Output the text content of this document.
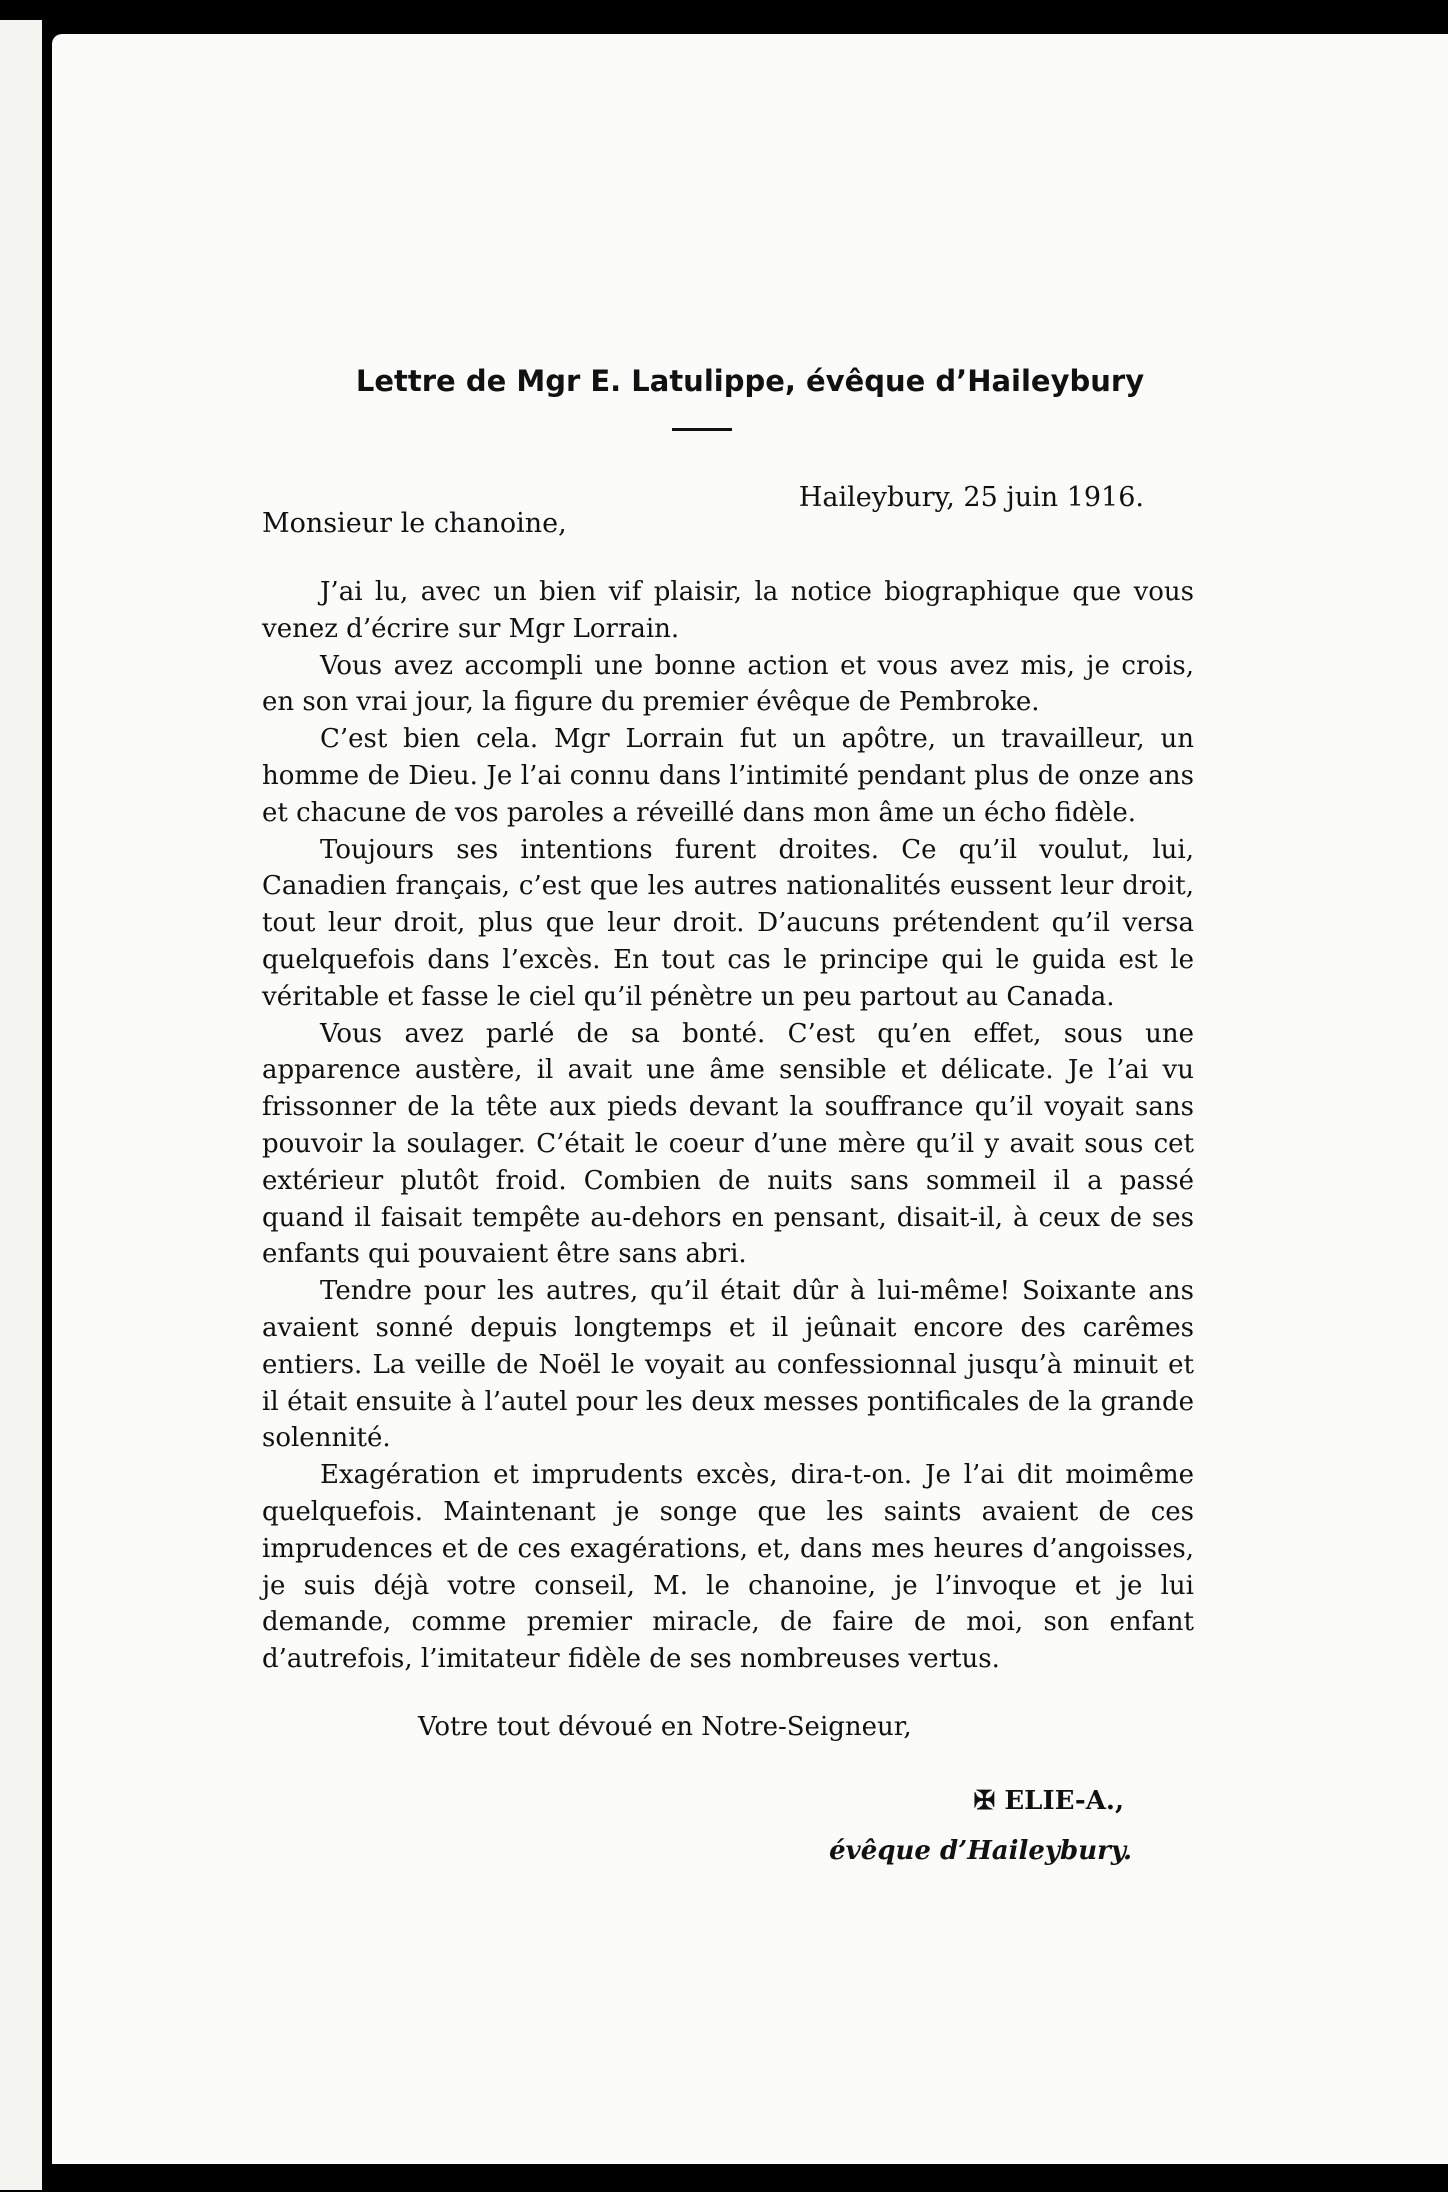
Lettre de Mgr E. Latulippe, évêque d’Haileybury
Haileybury, 25 juin 1916.
Monsieur le chanoine,

J’ai lu, avec un bien vif plaisir, la notice biographique que vous venez d’écrire sur Mgr Lorrain.

Vous avez accompli une bonne action et vous avez mis, je crois, en son vrai jour, la figure du premier évêque de Pembroke.

C’est bien cela. Mgr Lorrain fut un apôtre, un travailleur, un homme de Dieu. Je l’ai connu dans l’intimité pendant plus de onze ans et chacune de vos paroles a réveillé dans mon âme un écho fidèle.

Toujours ses intentions furent droites. Ce qu’il voulut, lui, Canadien français, c’est que les autres nationalités eussent leur droit, tout leur droit, plus que leur droit. D’aucuns prétendent qu’il versa quelquefois dans l’excès. En tout cas le principe qui le guida est le véritable et fasse le ciel qu’il pénètre un peu partout au Canada.

Vous avez parlé de sa bonté. C’est qu’en effet, sous une apparence austère, il avait une âme sensible et délicate. Je l’ai vu frissonner de la tête aux pieds devant la souffrance qu’il voyait sans pouvoir la soulager. C’était le coeur d’une mère qu’il y avait sous cet extérieur plutôt froid. Combien de nuits sans sommeil il a passé quand il faisait tempête au-dehors en pensant, disait-il, à ceux de ses enfants qui pouvaient être sans abri.

Tendre pour les autres, qu’il était dûr à lui-même! Soixante ans avaient sonné depuis longtemps et il jeûnait encore des carêmes entiers. La veille de Noël le voyait au confessionnal jusqu’à minuit et il était ensuite à l’autel pour les deux messes pontificales de la grande solennité.

Exagération et imprudents excès, dira-t-on. Je l’ai dit moimême quelquefois. Maintenant je songe que les saints avaient de ces imprudences et de ces exagérations, et, dans mes heures d’angoisses, je suis déjà votre conseil, M. le chanoine, je l’invoque et je lui demande, comme premier miracle, de faire de moi, son enfant d’autrefois, l’imitateur fidèle de ses nombreuses vertus.

Votre tout dévoué en Notre-Seigneur,
✠ ELIE-A.,
évêque d’Haileybury.
